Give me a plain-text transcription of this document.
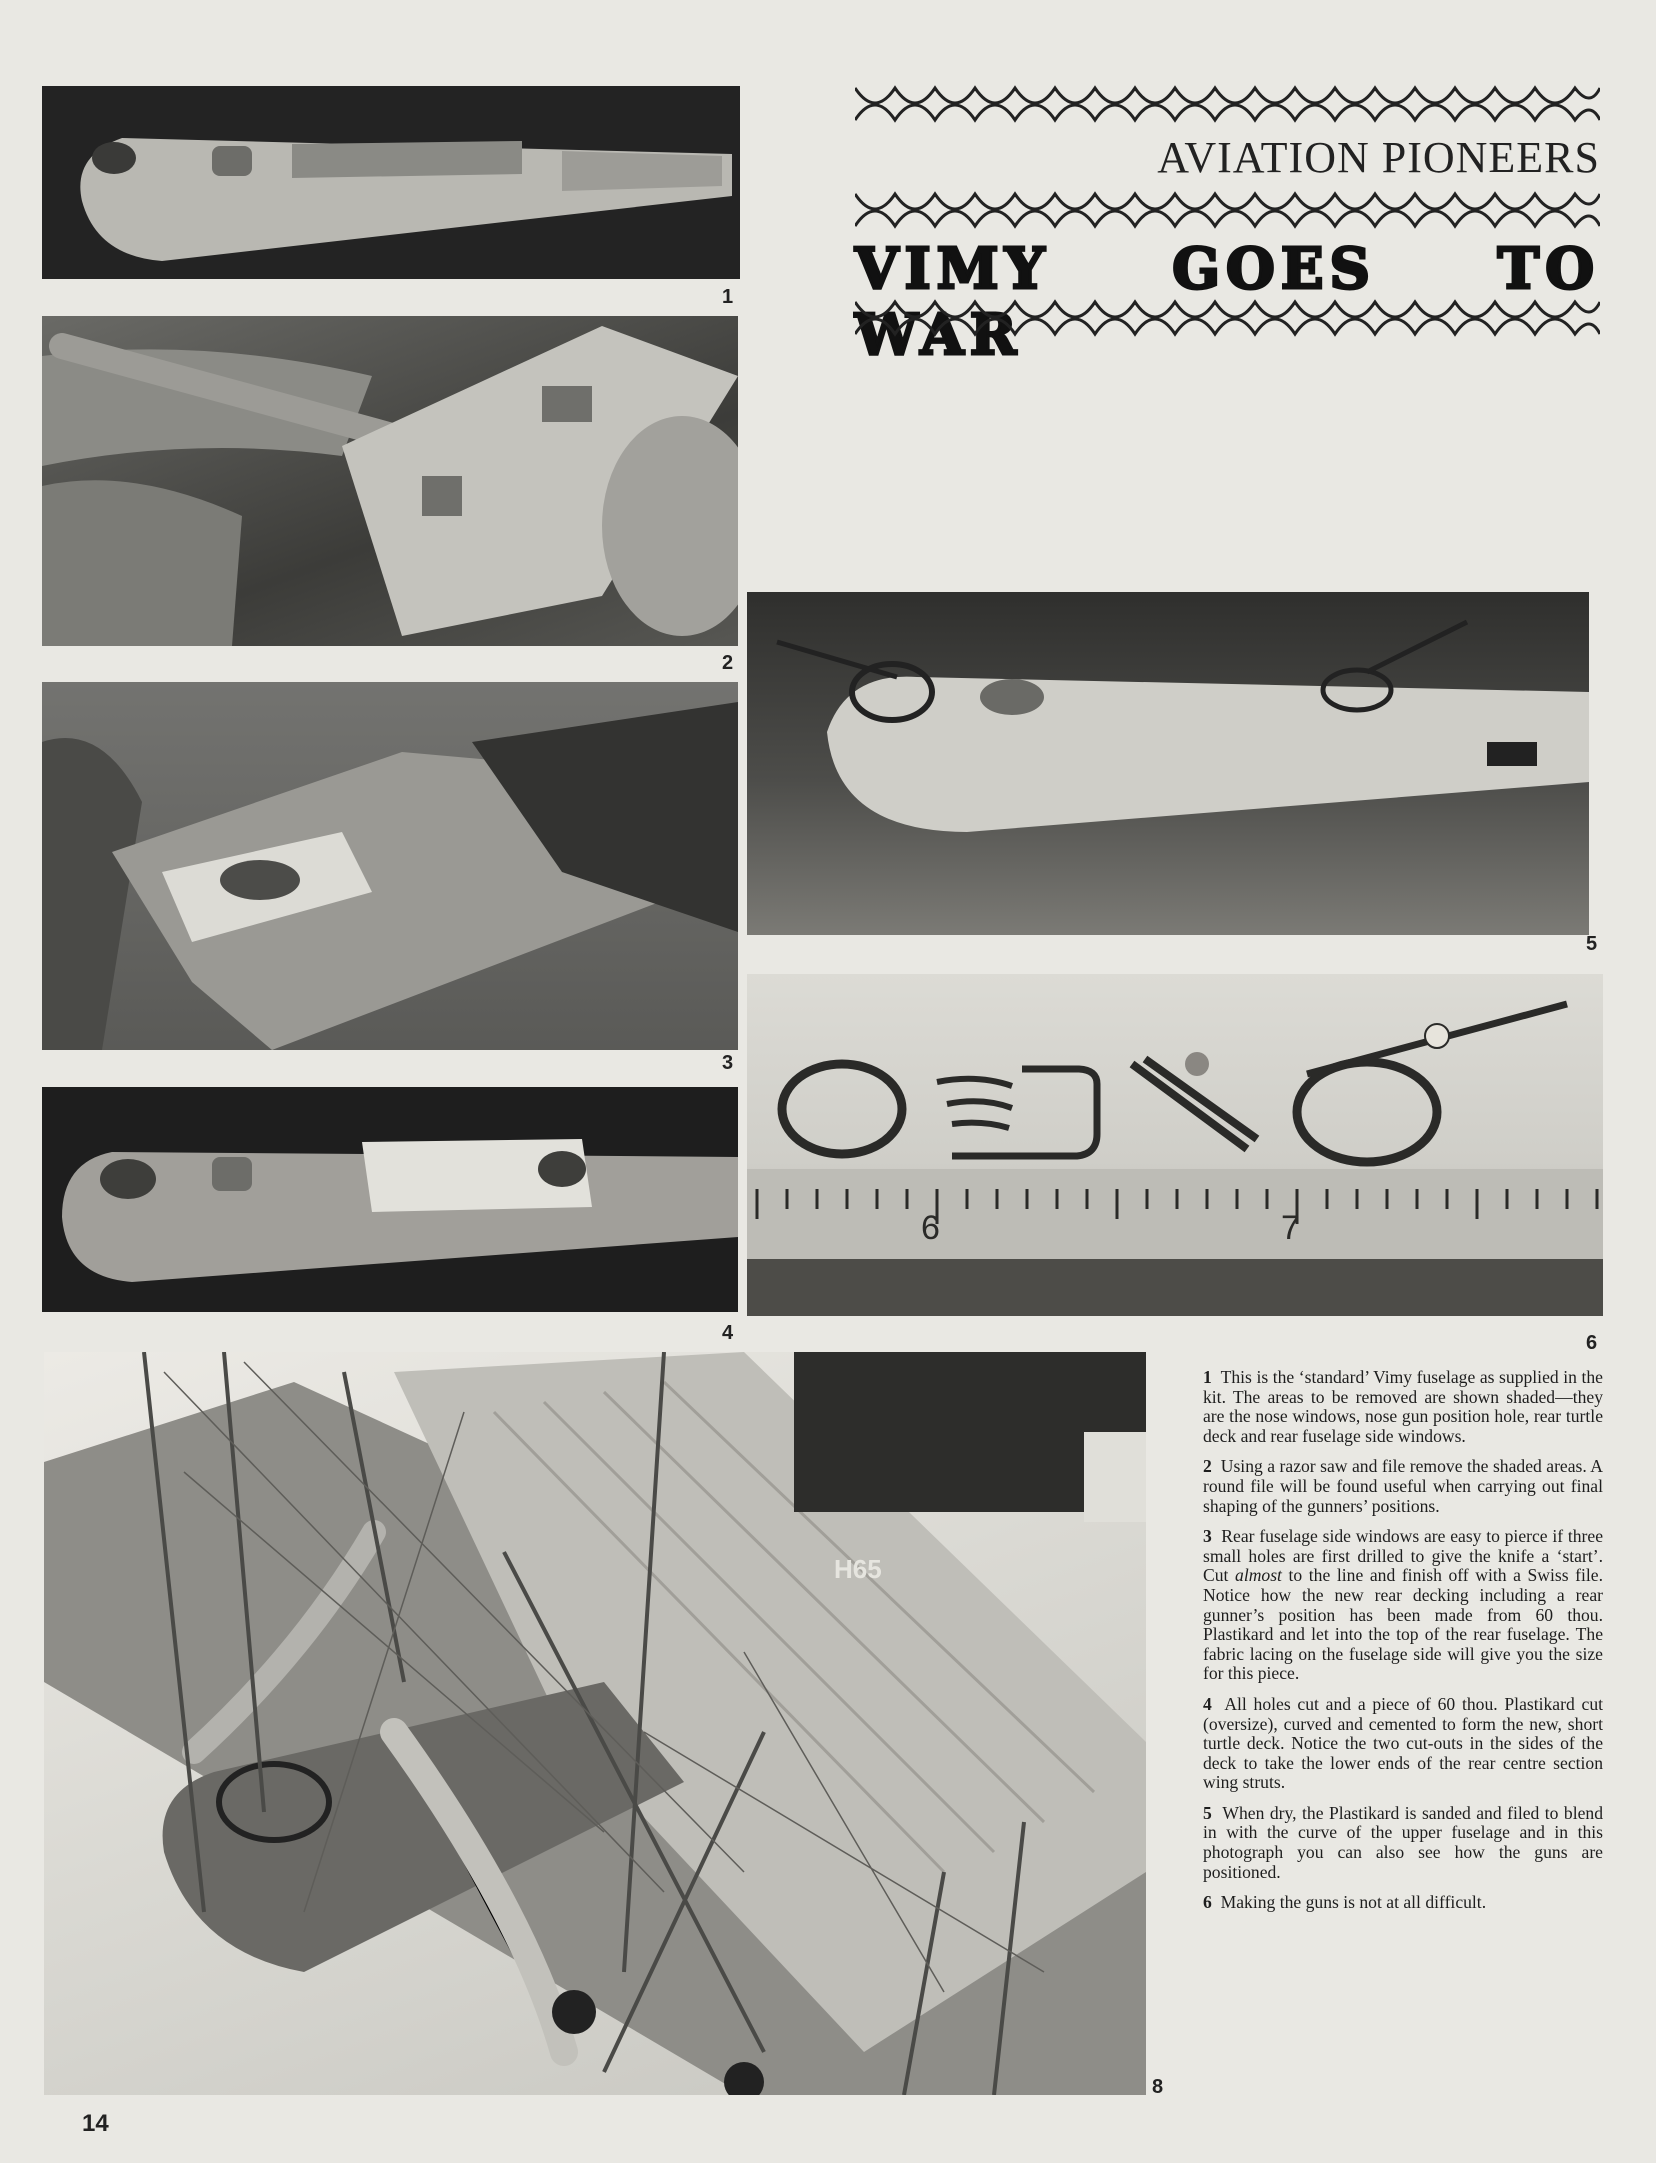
1
2
3
4
5
6	7
6
H65
8
AVIATION PIONEERS
VIMY GOES TO WAR

1 This is the ‘standard’ Vimy fuselage as supplied in the kit. The areas to be removed are shown shaded—they are the nose windows, nose gun position hole, rear turtle deck and rear fuselage side windows.

2 Using a razor saw and file remove the shaded areas. A round file will be found useful when carrying out final shaping of the gunners’ positions.

3 Rear fuselage side windows are easy to pierce if three small holes are first drilled to give the knife a ‘start’. Cut almost to the line and finish off with a Swiss file. Notice how the new rear decking including a rear gunner’s position has been made from 60 thou. Plastikard and let into the top of the rear fuselage. The fabric lacing on the fuselage side will give you the size for this piece.

4 All holes cut and a piece of 60 thou. Plastikard cut (oversize), curved and cemented to form the new, short turtle deck. Notice the two cut-outs in the sides of the deck to take the lower ends of the rear centre section wing struts.

5 When dry, the Plastikard is sanded and filed to blend in with the curve of the upper fuselage and in this photograph you can also see how the guns are positioned.

6 Making the guns is not at all difficult.

14
